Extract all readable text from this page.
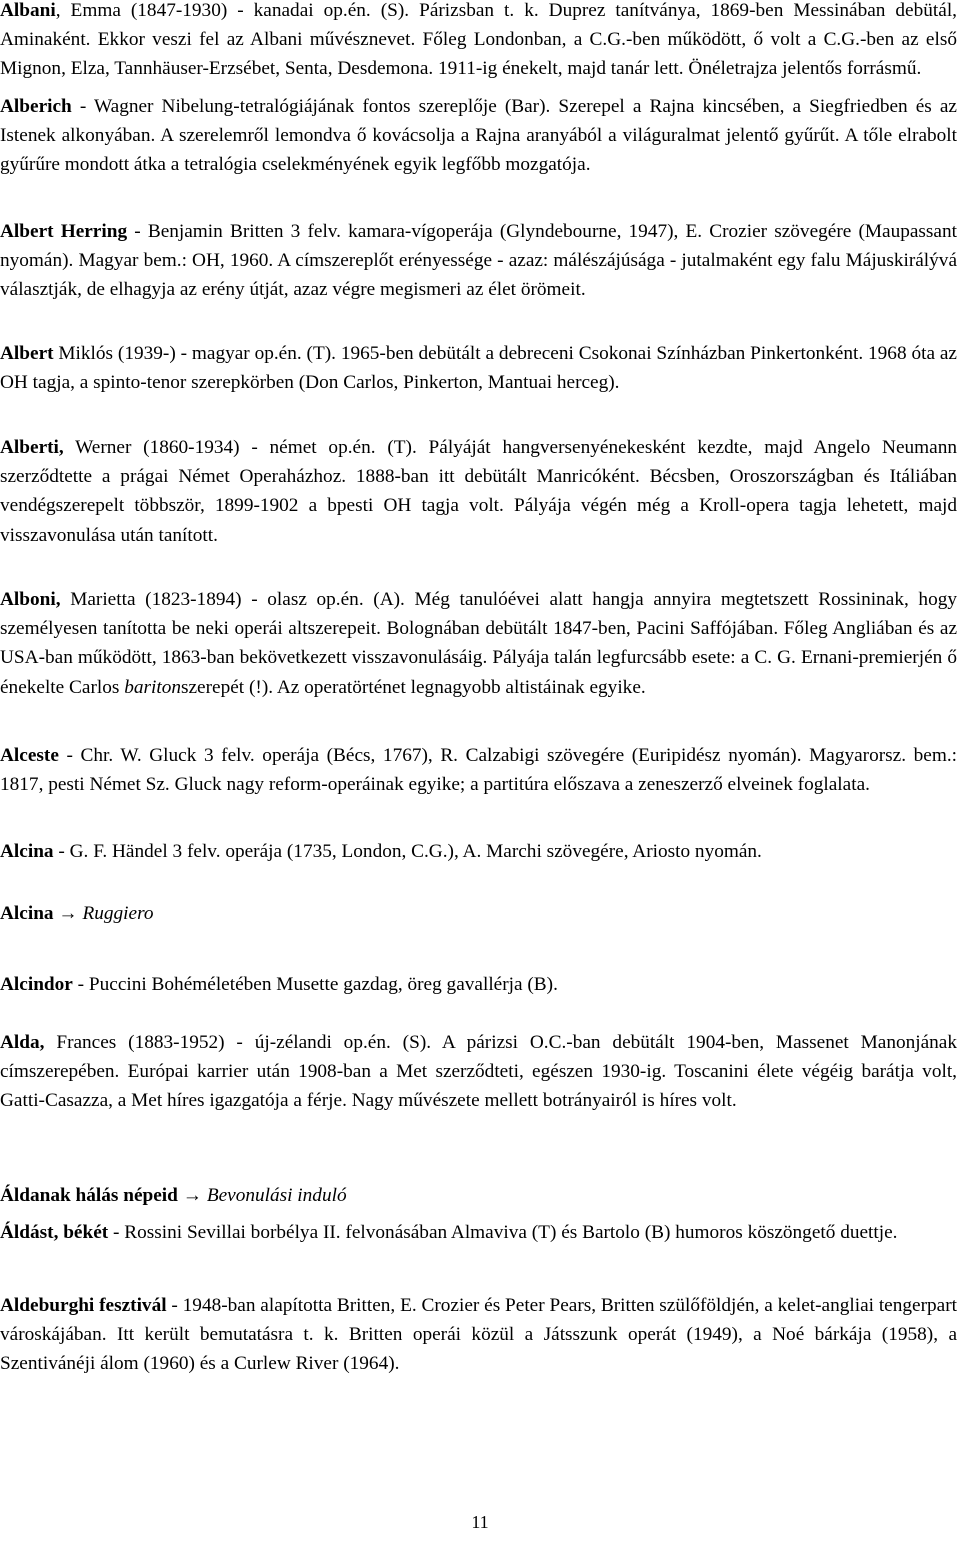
Albani, Emma (1847-1930) - kanadai op.én. (S). Párizsban t. k. Duprez tanítványa, 1869-ben Messinában debütál, Aminaként. Ekkor veszi fel az Albani művésznevet. Főleg Londonban, a C.G.-ben működött, ő volt a C.G.-ben az első Mignon, Elza, Tannhäuser-Erzsébet, Senta, Desdemona. 1911-ig énekelt, majd tanár lett. Önéletrajza jelentős forrásmű.

Alberich - Wagner Nibelung-tetralógiájának fontos szereplője (Bar). Szerepel a Rajna kincsében, a Siegfriedben és az Istenek alkonyában. A szerelemről lemondva ő kovácsolja a Rajna aranyából a világuralmat jelentő gyűrűt. A tőle elrabolt gyűrűre mondott átka a tetralógia cselekményének egyik legfőbb mozgatója.

Albert Herring - Benjamin Britten 3 felv. kamara-vígoperája (Glyndebourne, 1947), E. Crozier szövegére (Maupassant nyomán). Magyar bem.: OH, 1960. A címszereplőt erényessége - azaz: málészájúsága - jutalmaként egy falu Májuskirálývá választják, de elhagyja az erény útját, azaz végre megismeri az élet örömeit.

Albert Miklós (1939-) - magyar op.én. (T). 1965-ben debütált a debreceni Csokonai Színházban Pinkertonként. 1968 óta az OH tagja, a spinto-tenor szerepkörben (Don Carlos, Pinkerton, Mantuai herceg).

Alberti, Werner (1860-1934) - német op.én. (T). Pályáját hangversenyénekesként kezdte, majd Angelo Neumann szerződtette a prágai Német Operaházhoz. 1888-ban itt debütált Manricóként. Bécsben, Oroszországban és Itáliában vendégszerepelt többször, 1899-1902 a bpesti OH tagja volt. Pályája végén még a Kroll-opera tagja lehetett, majd visszavonulása után tanított.

Alboni, Marietta (1823-1894) - olasz op.én. (A). Még tanulóévei alatt hangja annyira megtetszett Rossininak, hogy személyesen tanította be neki operái altszerepeit. Bolognában debütált 1847-ben, Pacini Saffójában. Főleg Angliában és az USA-ban működött, 1863-ban bekövetkezett visszavonulásáig. Pályája talán legfurcsább esete: a C. G. Ernani-premierjén ő énekelte Carlos baritonszerepét (!). Az operatörténet legnagyobb altistáinak egyike.

Alceste - Chr. W. Gluck 3 felv. operája (Bécs, 1767), R. Calzabigi szövegére (Euripidész nyomán). Magyarorsz. bem.: 1817, pesti Német Sz. Gluck nagy reform-operáinak egyike; a partitúra előszava a zeneszerző elveinek foglalata.

Alcina - G. F. Händel 3 felv. operája (1735, London, C.G.), A. Marchi szövegére, Ariosto nyomán.

Alcina → Ruggiero

Alcindor - Puccini Bohéméletében Musette gazdag, öreg gavallérja (B).

Alda, Frances (1883-1952) - új-zélandi op.én. (S). A párizsi O.C.-ban debütált 1904-ben, Massenet Manonjának címszerepében. Európai karrier után 1908-ban a Met szerződteti, egészen 1930-ig. Toscanini élete végéig barátja volt, Gatti-Casazza, a Met híres igazgatója a férje. Nagy művészete mellett botrányairól is híres volt.

Áldanak hálás népeid → Bevonulási induló

Áldást, békét - Rossini Sevillai borbélya II. felvonásában Almaviva (T) és Bartolo (B) humoros köszöngető duettje.

Aldeburghi fesztivál - 1948-ban alapította Britten, E. Crozier és Peter Pears, Britten szülőföldjén, a kelet-angliai tengerpart városkájában. Itt került bemutatásra t. k. Britten operái közül a Játsszunk operát (1949), a Noé bárkája (1958), a Szentivánéji álom (1960) és a Curlew River (1964).

11
